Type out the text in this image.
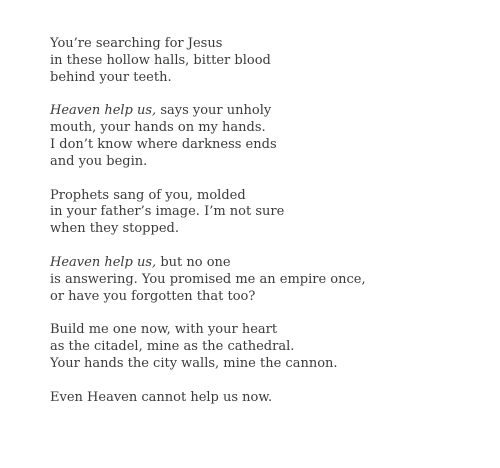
You’re searching for Jesus
in these hollow halls, bitter blood
behind your teeth.
Heaven help us, says your unholy
mouth, your hands on my hands.
I don’t know where darkness ends
and you begin.
Prophets sang of you, molded
in your father’s image. I’m not sure
when they stopped.
Heaven help us, but no one
is answering. You promised me an empire once,
or have you forgotten that too?
Build me one now, with your heart
as the citadel, mine as the cathedral.
Your hands the city walls, mine the cannon.
Even Heaven cannot help us now.
